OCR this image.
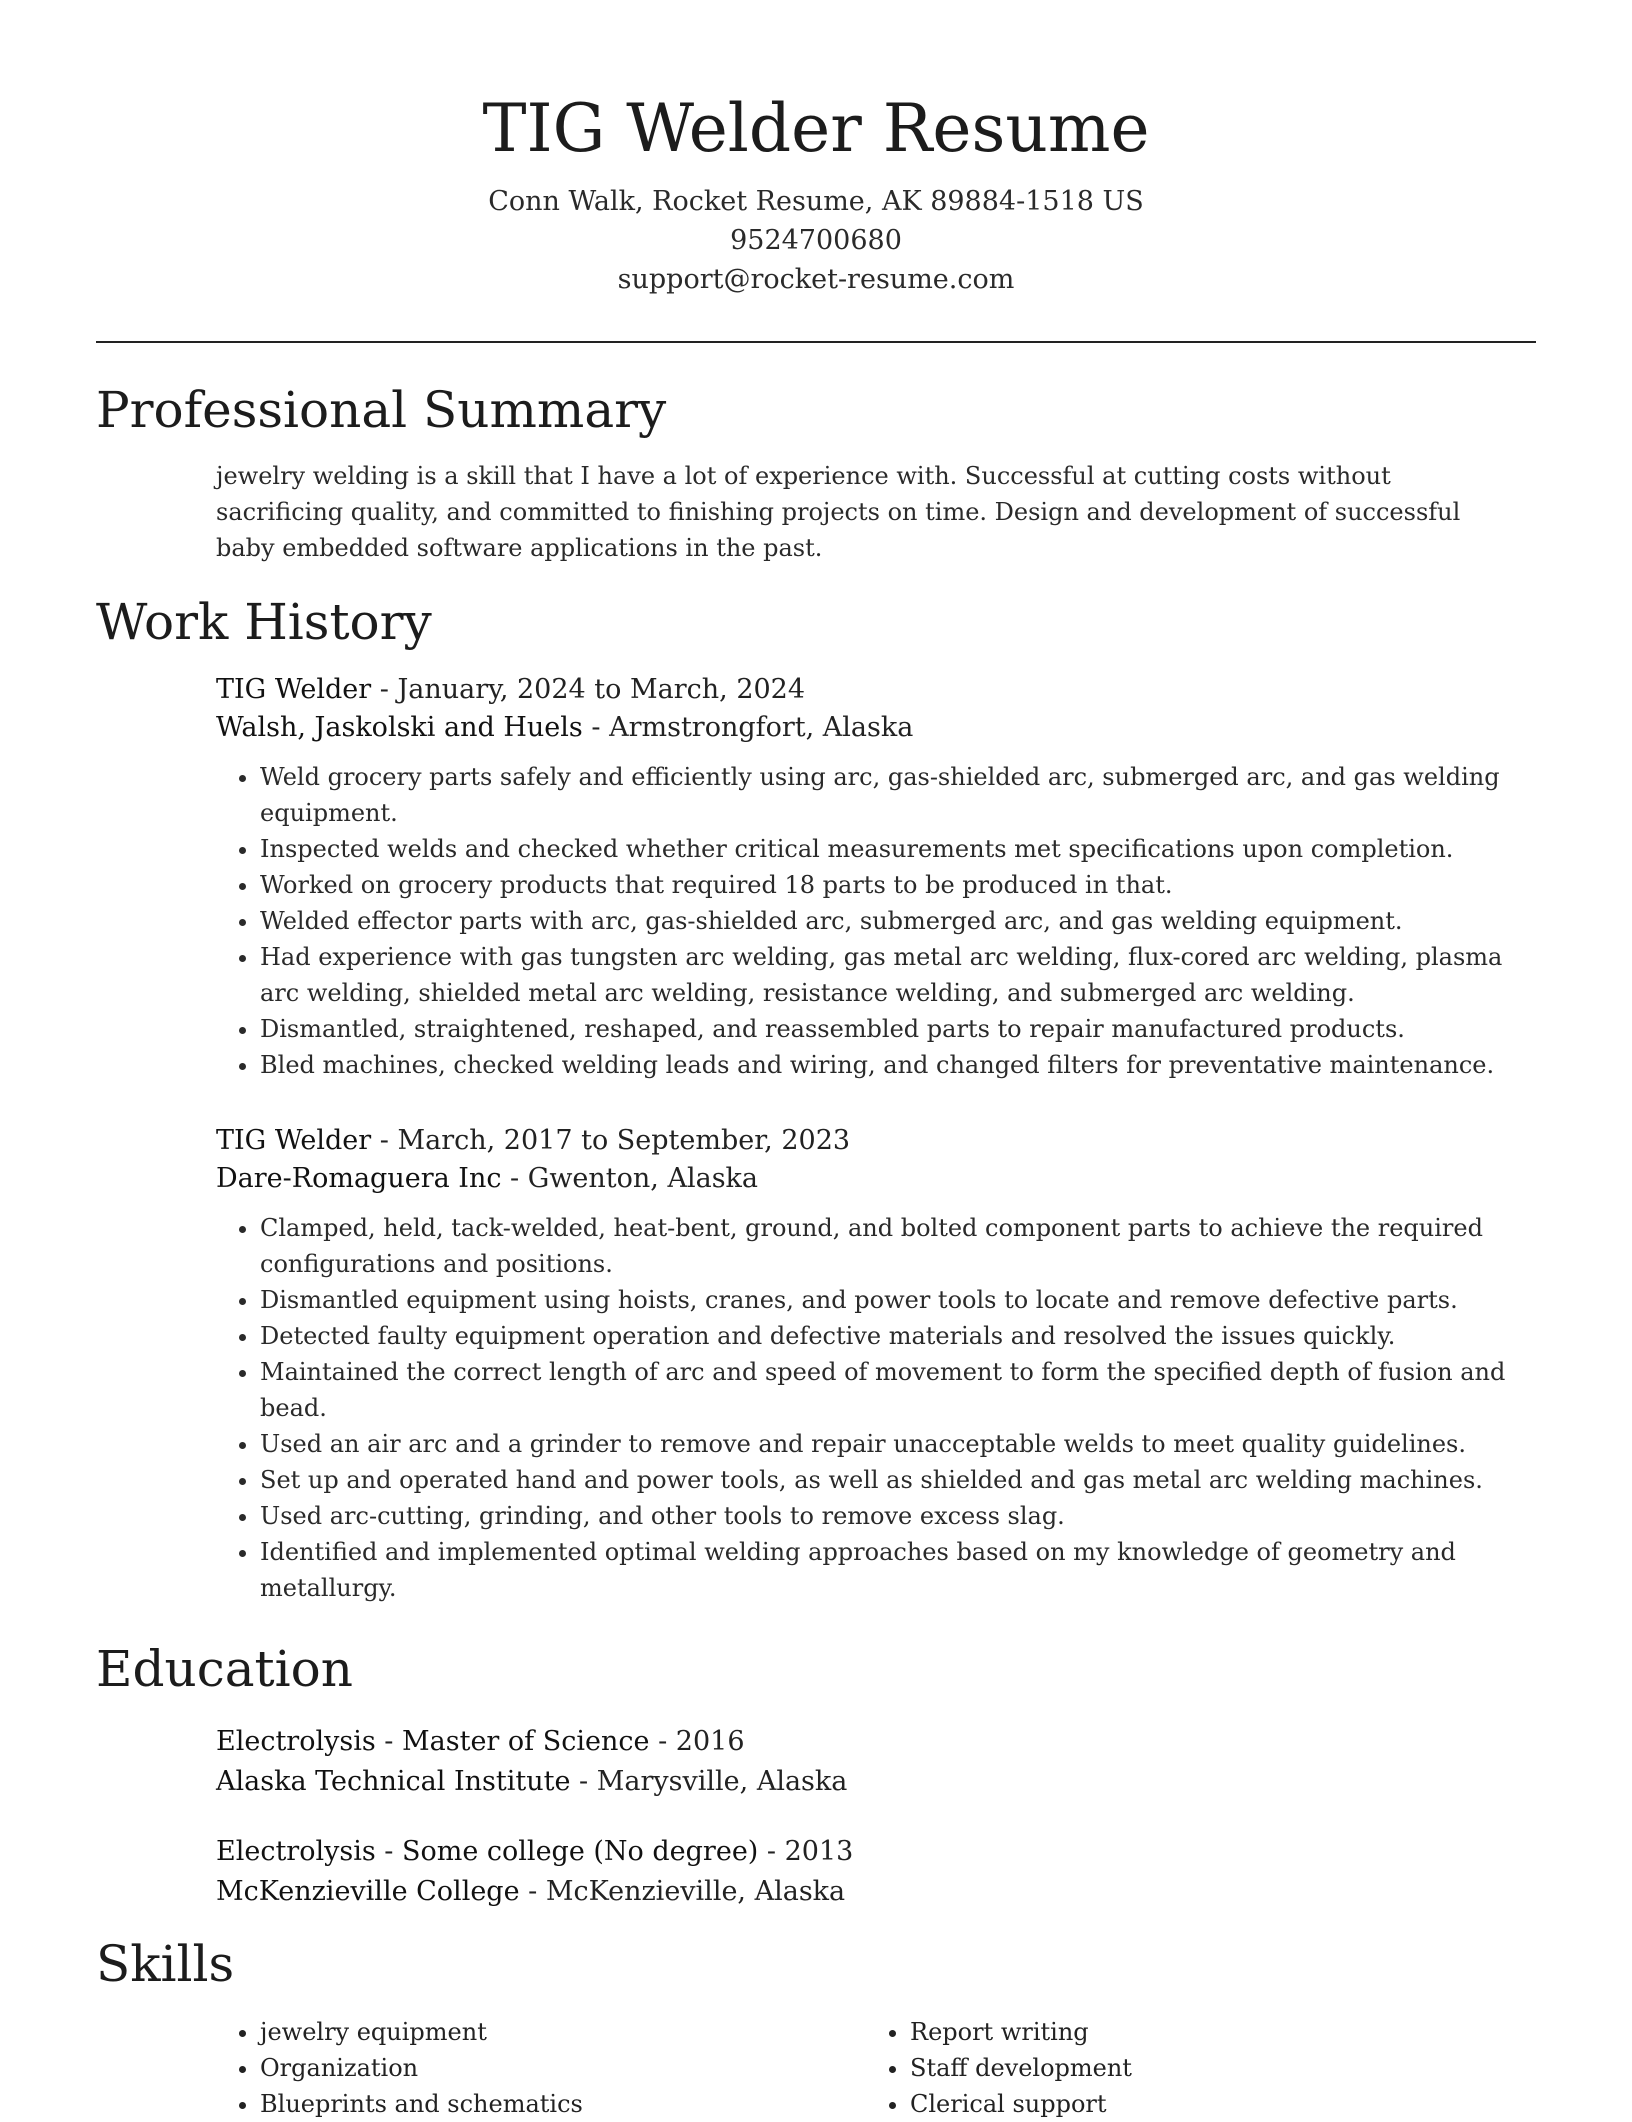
TIG Welder Resume
Conn Walk, Rocket Resume, AK 89884-1518 US
9524700680
support@rocket-resume.com
Professional Summary

jewelry welding is a skill that I have a lot of experience with. Successful at cutting costs without sacrificing quality, and committed to finishing projects on time. Design and development of successful baby embedded software applications in the past.

Work History
TIG Welder - January, 2024 to March, 2024
Walsh, Jaskolski and Huels - Armstrongfort, Alaska
• Weld grocery parts safely and efficiently using arc, gas-shielded arc, submerged arc, and gas welding equipment.
• Inspected welds and checked whether critical measurements met specifications upon completion.
• Worked on grocery products that required 18 parts to be produced in that.
• Welded effector parts with arc, gas-shielded arc, submerged arc, and gas welding equipment.
• Had experience with gas tungsten arc welding, gas metal arc welding, flux-cored arc welding, plasma arc welding, shielded metal arc welding, resistance welding, and submerged arc welding.
• Dismantled, straightened, reshaped, and reassembled parts to repair manufactured products.
• Bled machines, checked welding leads and wiring, and changed filters for preventative maintenance.
TIG Welder - March, 2017 to September, 2023
Dare-Romaguera Inc - Gwenton, Alaska
• Clamped, held, tack-welded, heat-bent, ground, and bolted component parts to achieve the required configurations and positions.
• Dismantled equipment using hoists, cranes, and power tools to locate and remove defective parts.
• Detected faulty equipment operation and defective materials and resolved the issues quickly.
• Maintained the correct length of arc and speed of movement to form the specified depth of fusion and bead.
• Used an air arc and a grinder to remove and repair unacceptable welds to meet quality guidelines.
• Set up and operated hand and power tools, as well as shielded and gas metal arc welding machines.
• Used arc-cutting, grinding, and other tools to remove excess slag.
• Identified and implemented optimal welding approaches based on my knowledge of geometry and metallurgy.
Education
Electrolysis - Master of Science - 2016
Alaska Technical Institute - Marysville, Alaska
Electrolysis - Some college (No degree) - 2013
McKenzieville College - McKenzieville, Alaska
Skills
• jewelry equipment
• Organization
• Blueprints and schematics
• Report writing
• Staff development
• Clerical support
